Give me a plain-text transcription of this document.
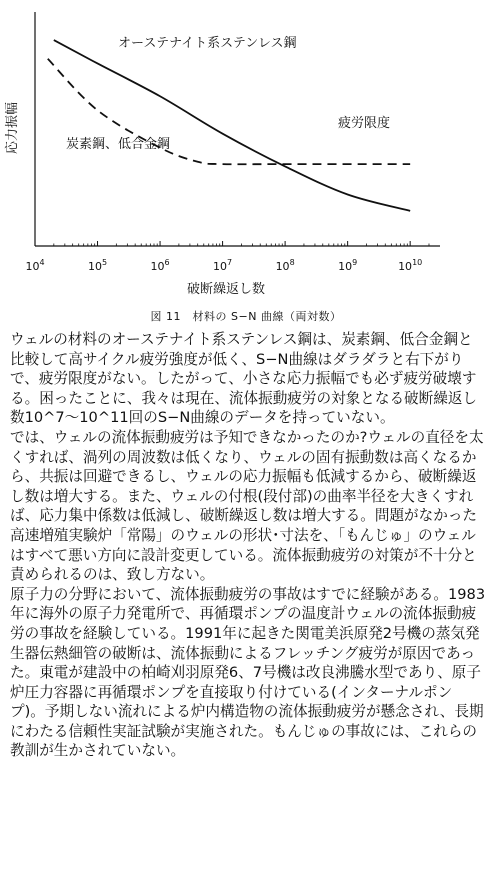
$10^4$	$10^5$	$10^6$	$10^7$	$10^8$	$10^9$	$10^{10}$
応力振幅
破断繰返し数
オーステナイト系ステンレス鋼
炭素鋼、低合金鋼
疲労限度
図 11　材料の S−N 曲線（両対数）

ウェルの材料のオーステナイト系ステンレス鋼は、炭素鋼、低合金鋼と比較して高サイクル疲労強度が低く、S−N曲線はダラダラと右下がりで、疲労限度がない。したがって、小さな応力振幅でも必ず疲労破壊する。困ったことに、我々は現在、流体振動疲労の対象となる破断繰返し数10^7～10^11回のS−N曲線のデータを持っていない。

では、ウェルの流体振動疲労は予知できなかったのか?ウェルの直径を太くすれば、渦列の周波数は低くなり、ウェルの固有振動数は高くなるから、共振は回避できるし、ウェルの応力振幅も低減するから、破断繰返し数は増大する。また、ウェルの付根(段付部)の曲率半径を大きくすれば、応力集中係数は低減し、破断繰返し数は増大する。問題がなかった高速増殖実験炉「常陽」のウェルの形状･寸法を、「もんじゅ」のウェルはすべて悪い方向に設計変更している。流体振動疲労の対策が不十分と責められるのは、致し方ない。

原子力の分野において、流体振動疲労の事故はすでに経験がある。1983年に海外の原子力発電所で、再循環ポンプの温度計ウェルの流体振動疲労の事故を経験している。1991年に起きた関電美浜原発2号機の蒸気発生器伝熱細管の破断は、流体振動によるフレッチング疲労が原因であった。東電が建設中の柏崎刈羽原発6、7号機は改良沸騰水型であり、原子炉圧力容器に再循環ポンプを直接取り付けている(インターナルポンプ)。予期しない流れによる炉内構造物の流体振動疲労が懸念され、長期にわたる信頼性実証試験が実施された。もんじゅの事故には、これらの教訓が生かされていない。
